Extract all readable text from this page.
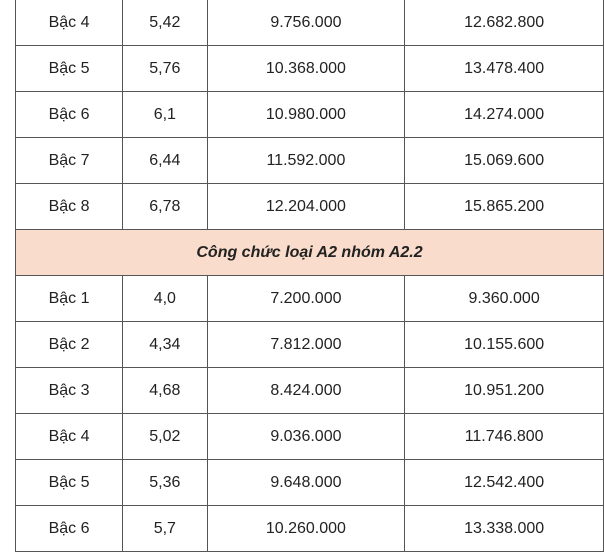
Bậc 4	5,42	9.756.000	12.682.800
Bậc 5	5,76	10.368.000	13.478.400
Bậc 6	6,1	10.980.000	14.274.000
Bậc 7	6,44	11.592.000	15.069.600
Bậc 8	6,78	12.204.000	15.865.200
Công chức loại A2 nhóm A2.2			
Bậc 1	4,0	7.200.000	9.360.000
Bậc 2	4,34	7.812.000	10.155.600
Bậc 3	4,68	8.424.000	10.951.200
Bậc 4	5,02	9.036.000	11.746.800
Bậc 5	5,36	9.648.000	12.542.400
Bậc 6	5,7	10.260.000	13.338.000
